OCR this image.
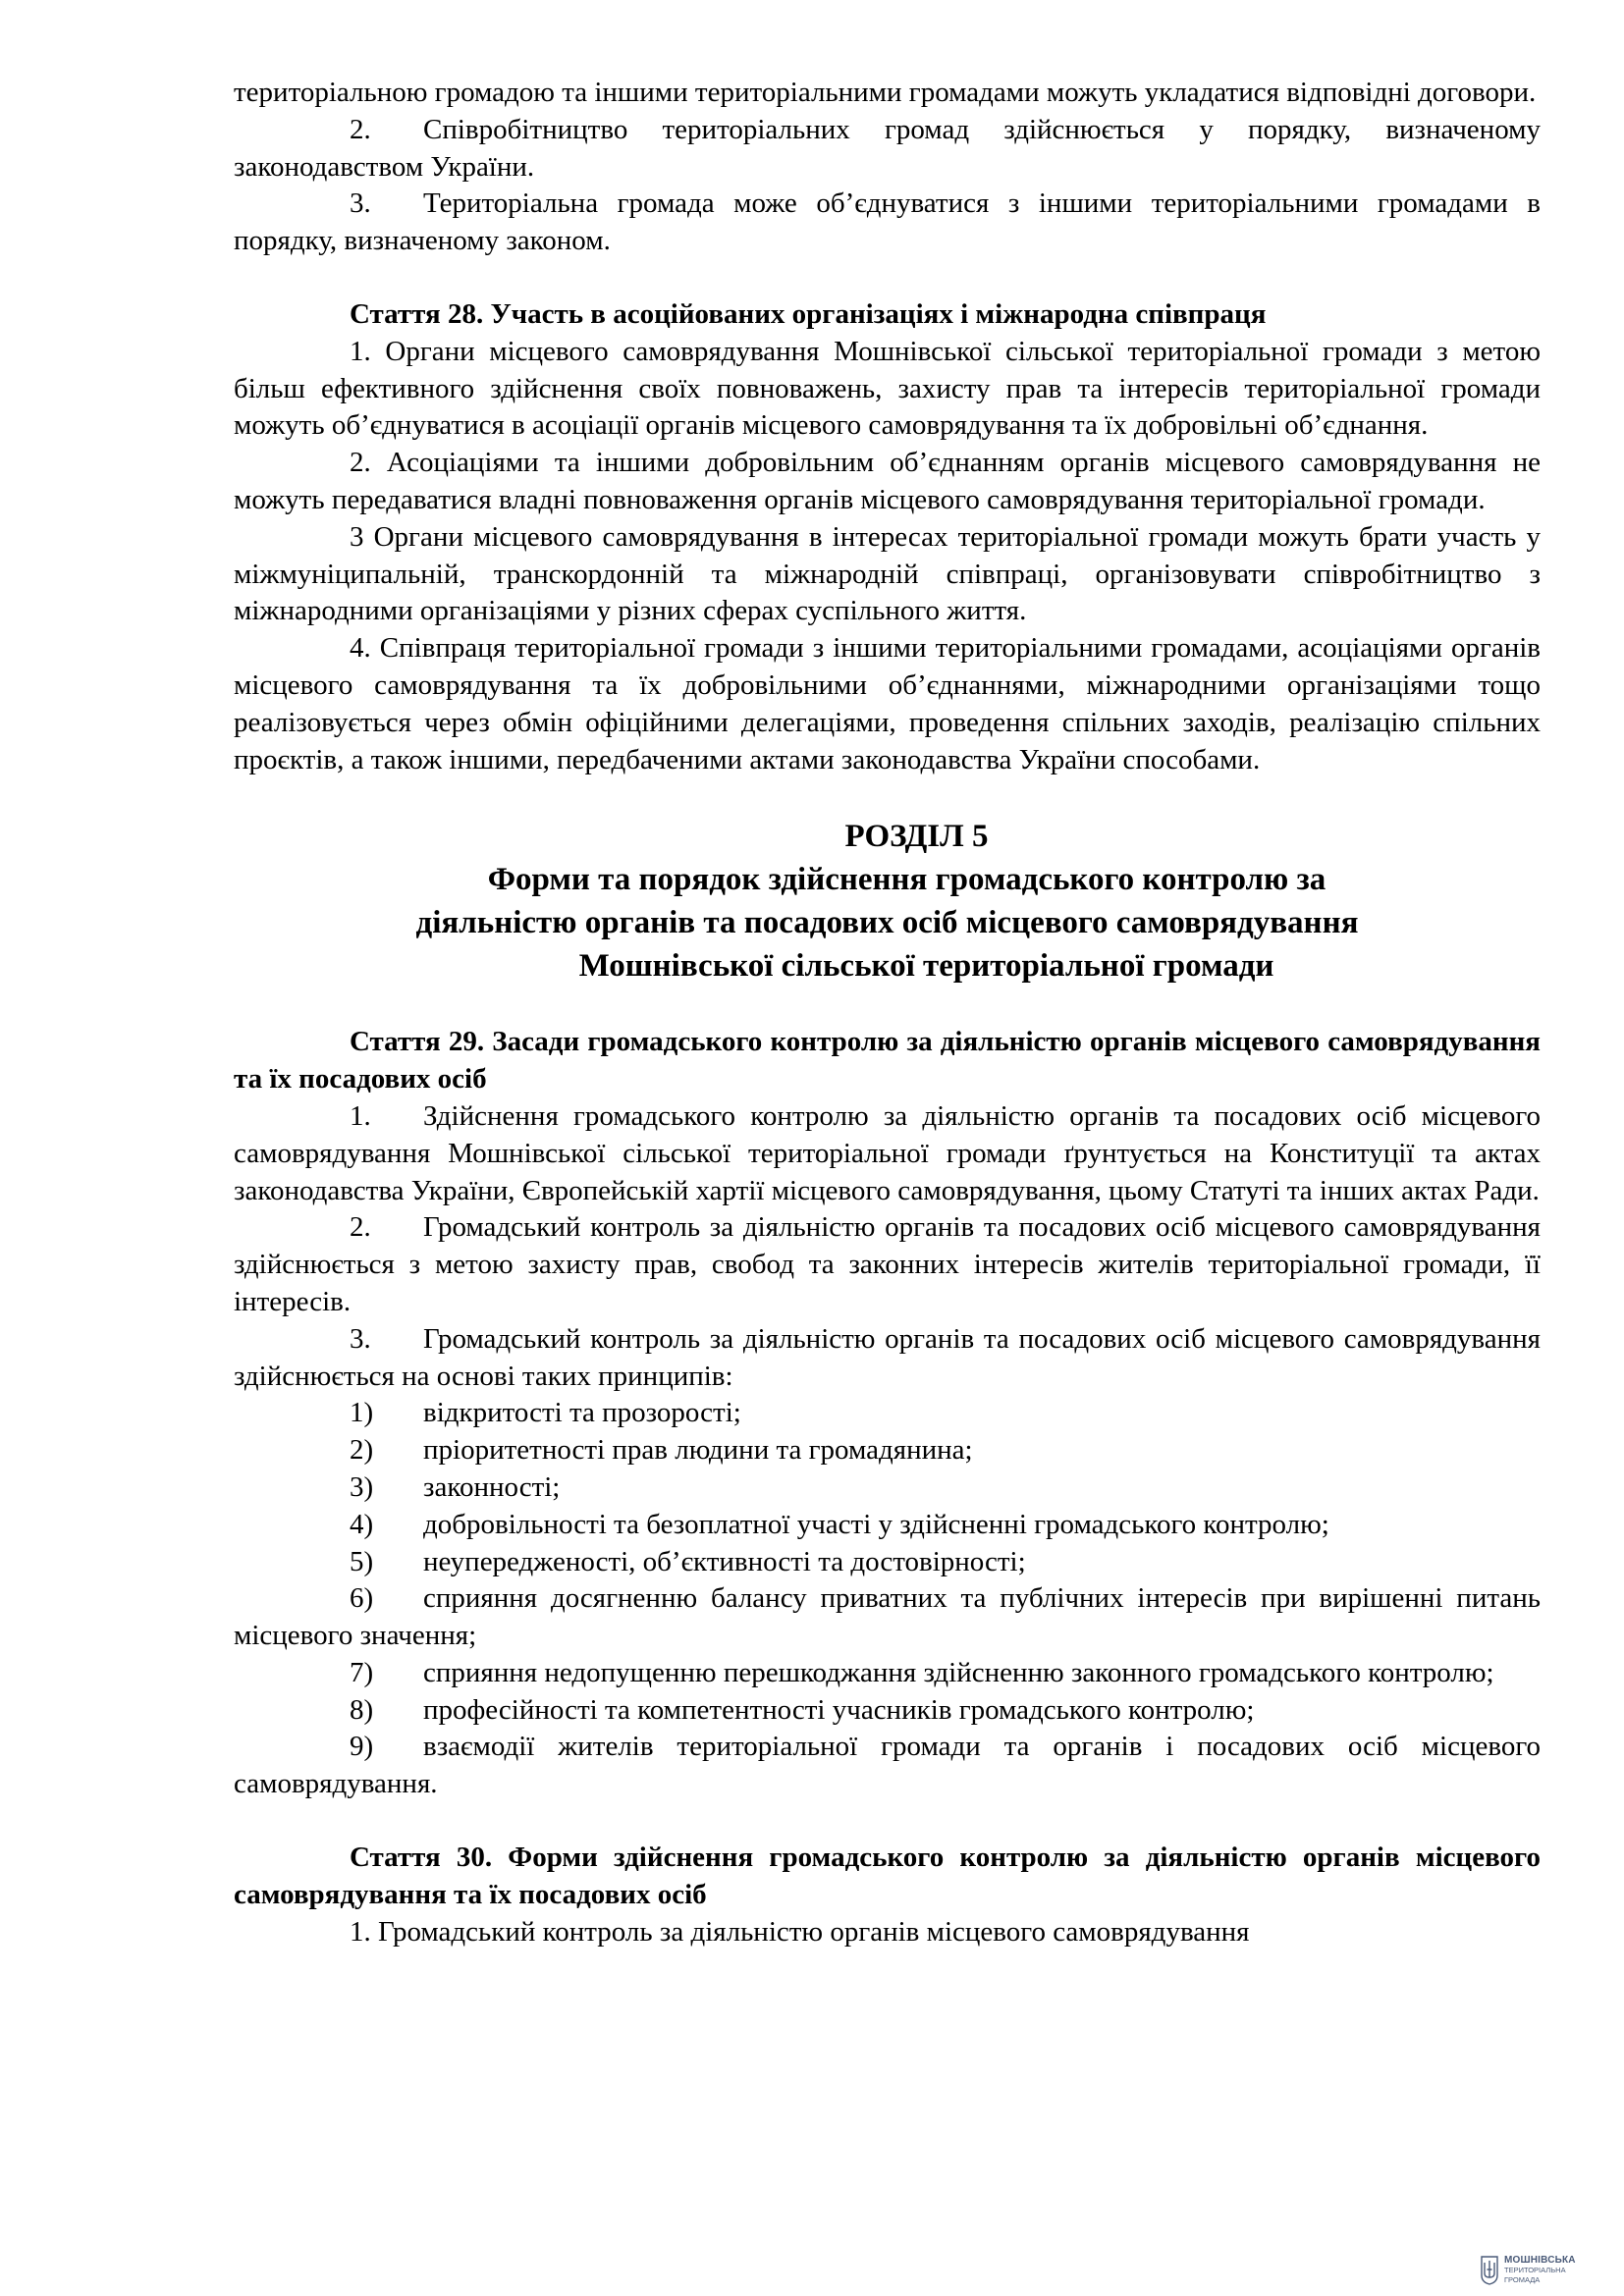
територіальною громадою та іншими територіальними громадами можуть укладатися відповідні договори.

2. Співробітництво територіальних громад здійснюється у порядку, визначеному законодавством України.

3. Територіальна громада може об’єднуватися з іншими територіальними громадами в порядку, визначеному законом.

Стаття 28. Участь в асоційованих організаціях і міжнародна співпраця

1. Органи місцевого самоврядування Мошнівської сільської територіальної громади з метою більш ефективного здійснення своїх повноважень, захисту прав та інтересів територіальної громади можуть об’єднуватися в асоціації органів місцевого самоврядування та їх добровільні об’єднання.

2. Асоціаціями та іншими добровільним об’єднанням органів місцевого самоврядування не можуть передаватися владні повноваження органів місцевого самоврядування територіальної громади.

3 Органи місцевого самоврядування в інтересах територіальної громади можуть брати участь у міжмуніципальній, транскордонній та міжнародній співпраці, організовувати співробітництво з міжнародними організаціями у різних сферах суспільного життя.

4. Співпраця територіальної громади з іншими територіальними громадами, асоціаціями органів місцевого самоврядування та їх добровільними об’єднаннями, міжнародними організаціями тощо реалізовується через обмін офіційними делегаціями, проведення спільних заходів, реалізацію спільних проєктів, а також іншими, передбаченими актами законодавства України способами.

РОЗДІЛ 5

Форми та порядок здійснення громадського контролю за

діяльністю органів та посадових осіб місцевого самоврядування

Мошнівської сільської територіальної громади

Стаття 29. Засади громадського контролю за діяльністю органів місцевого самоврядування та їх посадових осіб

1. Здійснення громадського контролю за діяльністю органів та посадових осіб місцевого самоврядування Мошнівської сільської територіальної громади ґрунтується на Конституції та актах законодавства України, Європейській хартії місцевого самоврядування, цьому Статуті та інших актах Ради.

2. Громадський контроль за діяльністю органів та посадових осіб місцевого самоврядування здійснюється з метою захисту прав, свобод та законних інтересів жителів територіальної громади, її інтересів.

3. Громадський контроль за діяльністю органів та посадових осіб місцевого самоврядування здійснюється на основі таких принципів:

1) відкритості та прозорості;

2) пріоритетності прав людини та громадянина;

3) законності;

4) добровільності та безоплатної участі у здійсненні громадського контролю;

5) неупередженості, об’єктивності та достовірності;

6) сприяння досягненню балансу приватних та публічних інтересів при вирішенні питань місцевого значення;

7) сприяння недопущенню перешкоджання здійсненню законного громадського контролю;

8) професійності та компетентності учасників громадського контролю;

9) взаємодії жителів територіальної громади та органів і посадових осіб місцевого самоврядування.

Стаття 30. Форми здійснення громадського контролю за діяльністю органів місцевого самоврядування та їх посадових осіб

1. Громадський контроль за діяльністю органів місцевого самоврядування

МОШНІВСЬКА
ТЕРИТОРІАЛЬНА
ГРОМАДА
